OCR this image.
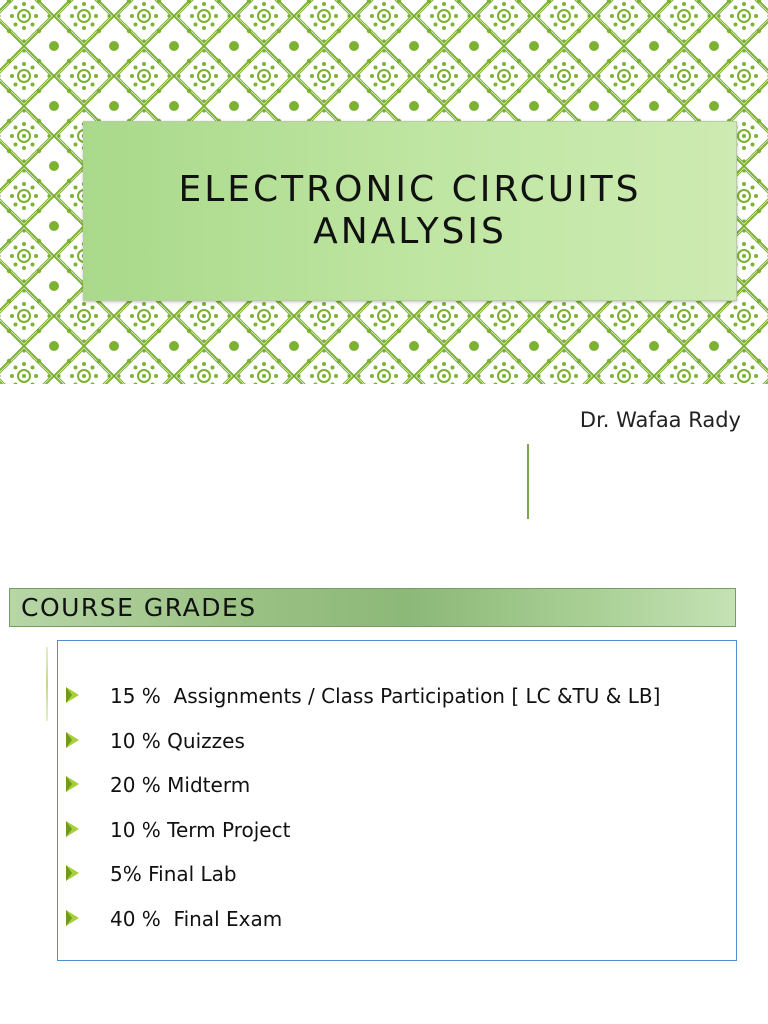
ELECTRONIC CIRCUITS
ANALYSIS
Dr. Wafaa Rady
COURSE GRADES
15 %  Assignments / Class Participation [ LC &TU & LB]
10 % Quizzes
20 % Midterm
10 % Term Project
5% Final Lab
40 %  Final Exam
